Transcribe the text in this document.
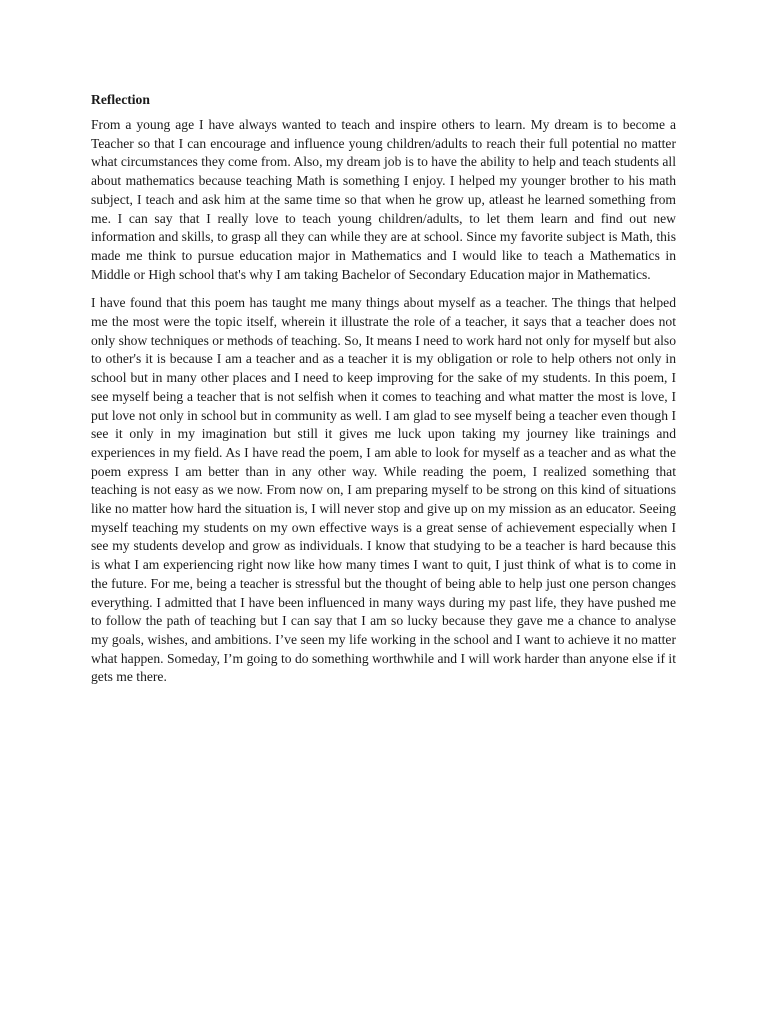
Reflection

From a young age I have always wanted to teach and inspire others to learn. My dream is to become a Teacher so that I can encourage and influence young children/adults to reach their full potential no matter what circumstances they come from. Also, my dream job is to have the ability to help and teach students all about mathematics because teaching Math is something I enjoy. I helped my younger brother to his math subject, I teach and ask him at the same time so that when he grow up, atleast he learned something from me. I can say that I really love to teach young children/adults, to let them learn and find out new information and skills, to grasp all they can while they are at school. Since my favorite subject is Math, this made me think to pursue education major in Mathematics and I would like to teach a Mathematics in Middle or High school that's why I am taking Bachelor of Secondary Education major in Mathematics.

I have found that this poem has taught me many things about myself as a teacher. The things that helped me the most were the topic itself, wherein it illustrate the role of a teacher, it says that a teacher does not only show techniques or methods of teaching. So, It means I need to work hard not only for myself but also to other's it is because I am a teacher and as a teacher it is my obligation or role to help others not only in school but in many other places and I need to keep improving for the sake of my students. In this poem, I see myself being a teacher that is not selfish when it comes to teaching and what matter the most is love, I put love not only in school but in community as well. I am glad to see myself being a teacher even though I see it only in my imagination but still it gives me luck upon taking my journey like trainings and experiences in my field. As I have read the poem, I am able to look for myself as a teacher and as what the poem express I am better than in any other way. While reading the poem, I realized something that teaching is not easy as we now. From now on, I am preparing myself to be strong on this kind of situations like no matter how hard the situation is, I will never stop and give up on my mission as an educator. Seeing myself teaching my students on my own effective ways is a great sense of achievement especially when I see my students develop and grow as individuals. I know that studying to be a teacher is hard because this is what I am experiencing right now like how many times I want to quit, I just think of what is to come in the future. For me, being a teacher is stressful but the thought of being able to help just one person changes everything. I admitted that I have been influenced in many ways during my past life, they have pushed me to follow the path of teaching but I can say that I am so lucky because they gave me a chance to analyse my goals, wishes, and ambitions. I’ve seen my life working in the school and I want to achieve it no matter what happen. Someday, I’m going to do something worthwhile and I will work harder than anyone else if it gets me there.
